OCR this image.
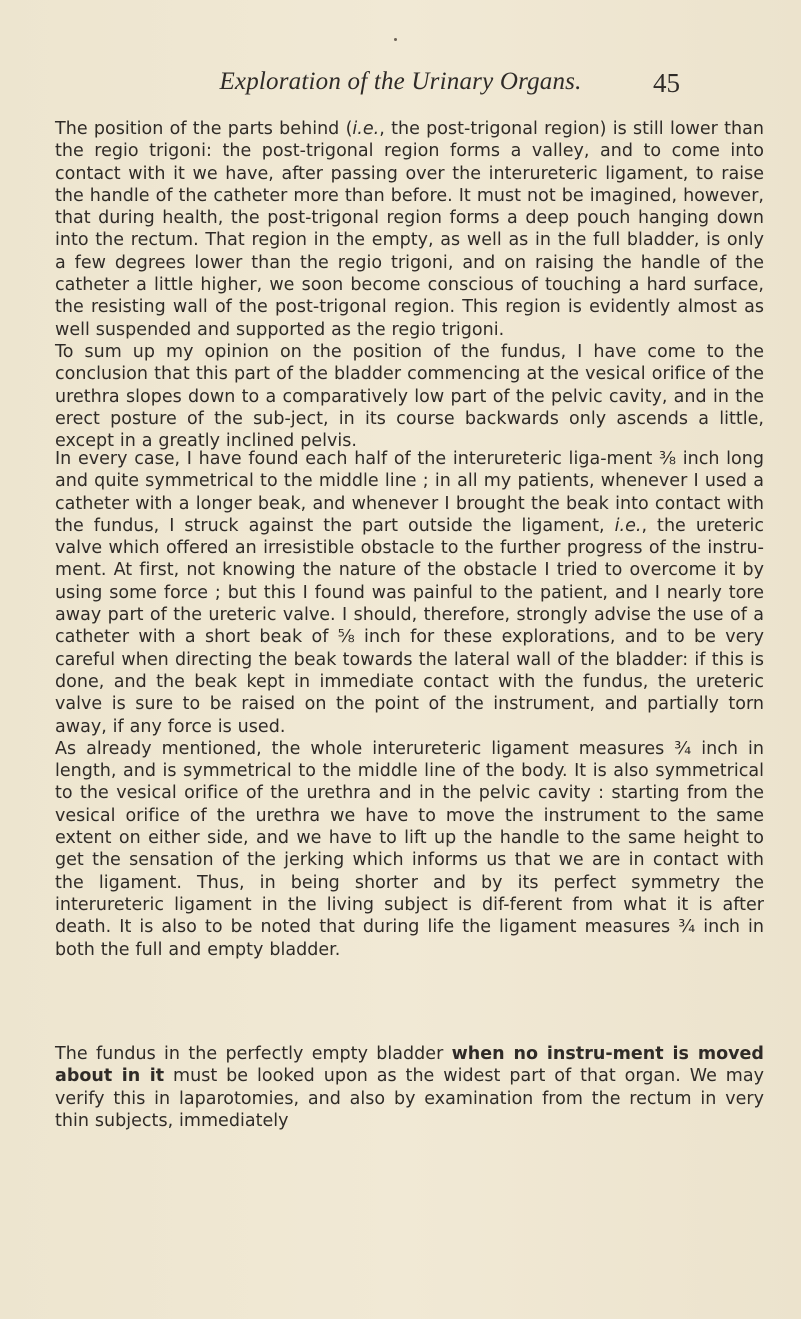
Exploration of the Urinary Organs.	45

The position of the parts behind (i.e., the post-trigonal region) is still lower than the regio trigoni: the post-trigonal region forms a valley, and to come into contact with it we have, after passing over the interureteric ligament, to raise the handle of the catheter more than before. It must not be imagined, however, that during health, the post-trigonal region forms a deep pouch hanging down into the rectum. That region in the empty, as well as in the full bladder, is only a few degrees lower than the regio trigoni, and on raising the handle of the catheter a little higher, we soon become conscious of touching a hard surface, the resisting wall of the post-trigonal region. This region is evidently almost as well suspended and supported as the regio trigoni.

To sum up my opinion on the position of the fundus, I have come to the conclusion that this part of the bladder commencing at the vesical orifice of the urethra slopes down to a comparatively low part of the pelvic cavity, and in the erect posture of the sub-ject, in its course backwards only ascends a little, except in a greatly inclined pelvis.

In every case, I have found each half of the interureteric liga-ment ⅜ inch long and quite symmetrical to the middle line ; in all my patients, whenever I used a catheter with a longer beak, and whenever I brought the beak into contact with the fundus, I struck against the part outside the ligament, i.e., the ureteric valve which offered an irresistible obstacle to the further progress of the instru-ment. At first, not knowing the nature of the obstacle I tried to overcome it by using some force ; but this I found was painful to the patient, and I nearly tore away part of the ureteric valve. I should, therefore, strongly advise the use of a catheter with a short beak of ⅝ inch for these explorations, and to be very careful when directing the beak towards the lateral wall of the bladder: if this is done, and the beak kept in immediate contact with the fundus, the ureteric valve is sure to be raised on the point of the instrument, and partially torn away, if any force is used.

As already mentioned, the whole interureteric ligament measures ¾ inch in length, and is symmetrical to the middle line of the body. It is also symmetrical to the vesical orifice of the urethra and in the pelvic cavity : starting from the vesical orifice of the urethra we have to move the instrument to the same extent on either side, and we have to lift up the handle to the same height to get the sensation of the jerking which informs us that we are in contact with the ligament. Thus, in being shorter and by its perfect symmetry the interureteric ligament in the living subject is dif-ferent from what it is after death. It is also to be noted that during life the ligament measures ¾ inch in both the full and empty bladder.

The fundus in the perfectly empty bladder when no instru-ment is moved about in it must be looked upon as the widest part of that organ. We may verify this in laparotomies, and also by examination from the rectum in very thin subjects, immediately
